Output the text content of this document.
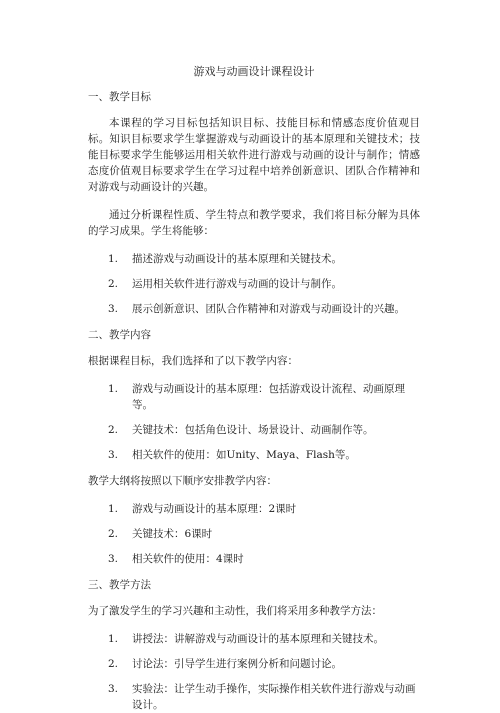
游戏与动画设计课程设计
一、教学目标

本课程的学习目标包括知识目标、技能目标和情感态度价值观目标。知识目标要求学生掌握游戏与动画设计的基本原理和关键技术；技能目标要求学生能够运用相关软件进行游戏与动画的设计与制作；情感态度价值观目标要求学生在学习过程中培养创新意识、团队合作精神和对游戏与动画设计的兴趣。

通过分析课程性质、学生特点和教学要求，我们将目标分解为具体的学习成果。学生将能够：

1. 描述游戏与动画设计的基本原理和关键技术。
2. 运用相关软件进行游戏与动画的设计与制作。
3. 展示创新意识、团队合作精神和对游戏与动画设计的兴趣。
二、教学内容

根据课程目标，我们选择和了以下教学内容：

1. 游戏与动画设计的基本原理：包括游戏设计流程、动画原理等。
2. 关键技术：包括角色设计、场景设计、动画制作等。
3. 相关软件的使用：如Unity、Maya、Flash等。

教学大纲将按照以下顺序安排教学内容：

1. 游戏与动画设计的基本原理：2课时
2. 关键技术：6课时
3. 相关软件的使用：4课时
三、教学方法

为了激发学生的学习兴趣和主动性，我们将采用多种教学方法：

1. 讲授法：讲解游戏与动画设计的基本原理和关键技术。
2. 讨论法：引导学生进行案例分析和问题讨论。
3. 实验法：让学生动手操作，实际操作相关软件进行游戏与动画设计。
